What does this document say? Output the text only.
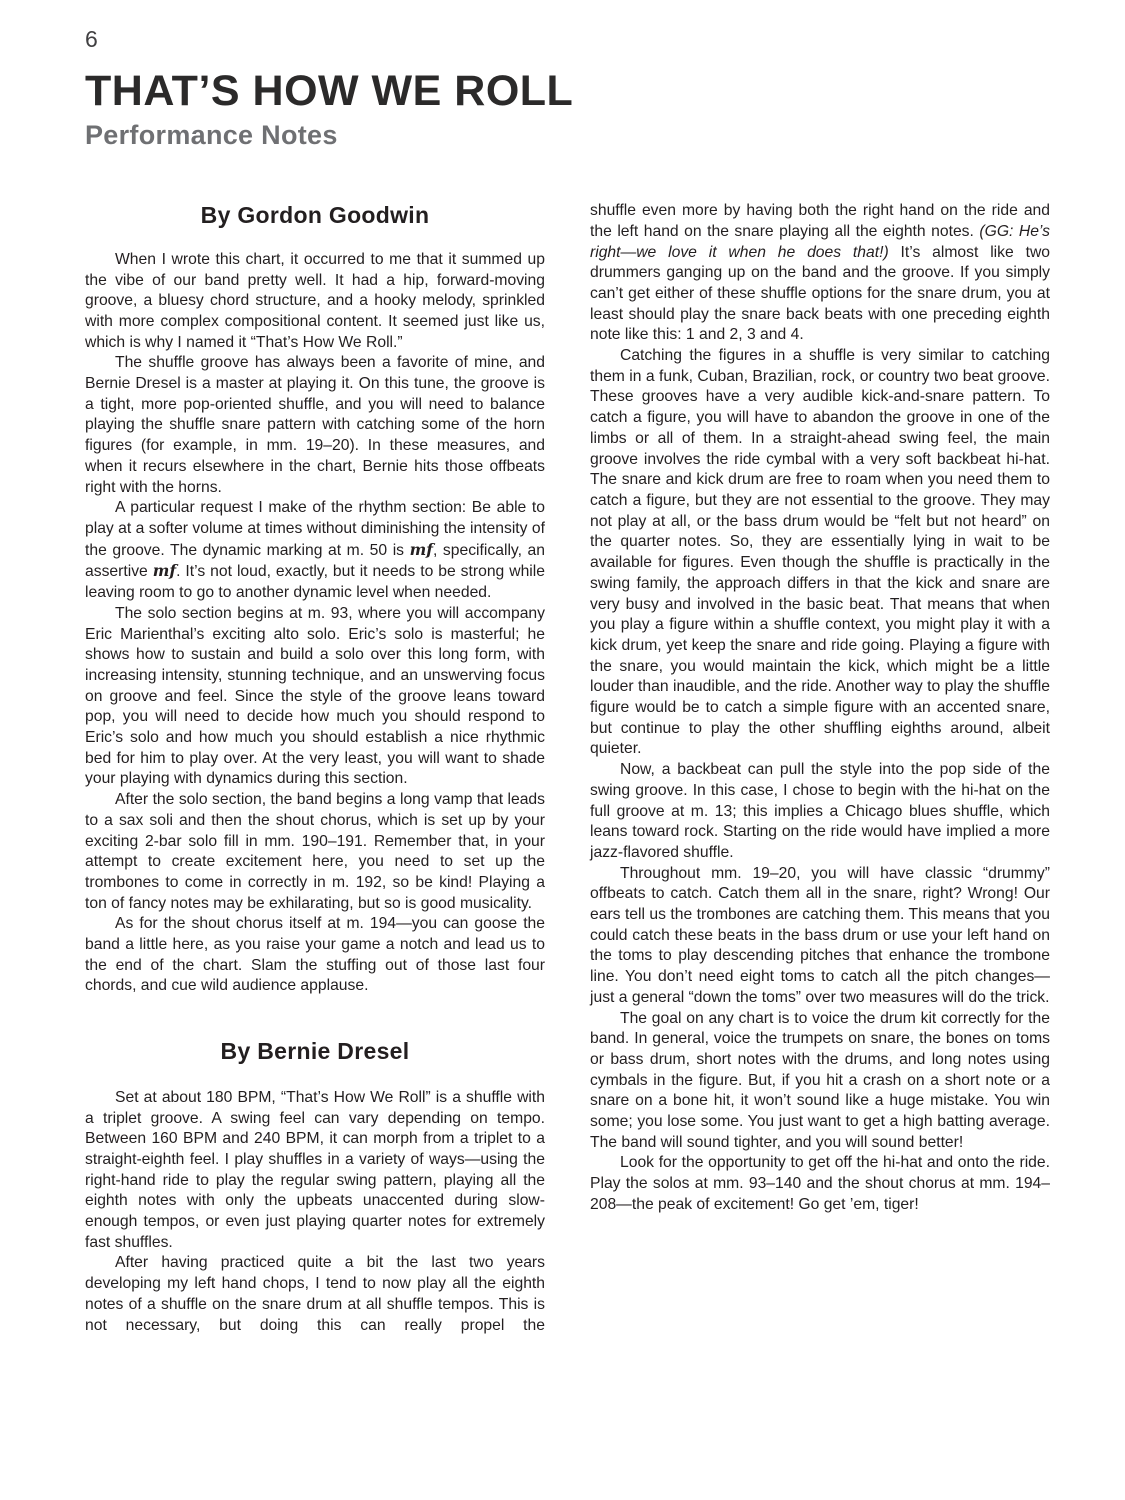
6
THAT’S HOW WE ROLL
Performance Notes
By Gordon Goodwin

When I wrote this chart, it occurred to me that it summed up the vibe of our band pretty well. It had a hip, forward-moving groove, a bluesy chord structure, and a hooky melody, sprinkled with more complex compositional content. It seemed just like us, which is why I named it “That’s How We Roll.”

The shuffle groove has always been a favorite of mine, and Bernie Dresel is a master at playing it. On this tune, the groove is a tight, more pop-oriented shuffle, and you will need to balance playing the shuffle snare pattern with catching some of the horn figures (for example, in mm. 19–20). In these measures, and when it recurs elsewhere in the chart, Bernie hits those offbeats right with the horns.

A particular request I make of the rhythm section: Be able to play at a softer volume at times without diminishing the intensity of the groove. The dynamic marking at m. 50 is mf, specifically, an assertive mf. It’s not loud, exactly, but it needs to be strong while leaving room to go to another dynamic level when needed.

The solo section begins at m. 93, where you will accompany Eric Marienthal’s exciting alto solo. Eric’s solo is masterful; he shows how to sustain and build a solo over this long form, with increasing intensity, stunning technique, and an unswerving focus on groove and feel. Since the style of the groove leans toward pop, you will need to decide how much you should respond to Eric’s solo and how much you should establish a nice rhythmic bed for him to play over. At the very least, you will want to shade your playing with dynamics during this section.

After the solo section, the band begins a long vamp that leads to a sax soli and then the shout chorus, which is set up by your exciting 2-bar solo fill in mm. 190–191. Remember that, in your attempt to create excitement here, you need to set up the trombones to come in correctly in m. 192, so be kind! Playing a ton of fancy notes may be exhilarating, but so is good musicality.

As for the shout chorus itself at m. 194—you can goose the band a little here, as you raise your game a notch and lead us to the end of the chart. Slam the stuffing out of those last four chords, and cue wild audience applause.

By Bernie Dresel

Set at about 180 BPM, “That’s How We Roll” is a shuffle with a triplet groove. A swing feel can vary depending on tempo. Between 160 BPM and 240 BPM, it can morph from a triplet to a straight-eighth feel. I play shuffles in a variety of ways—using the right-hand ride to play the regular swing pattern, playing all the eighth notes with only the upbeats unaccented during slow-enough tempos, or even just playing quarter notes for extremely fast shuffles.

After having practiced quite a bit the last two years developing my left hand chops, I tend to now play all the eighth notes of a shuffle on the snare drum at all shuffle tempos. This is not necessary, but doing this can really propel the

shuffle even more by having both the right hand on the ride and the left hand on the snare playing all the eighth notes. (GG: He’s right—we love it when he does that!) It’s almost like two drummers ganging up on the band and the groove. If you simply can’t get either of these shuffle options for the snare drum, you at least should play the snare back beats with one preceding eighth note like this: 1 and 2, 3 and 4.

Catching the figures in a shuffle is very similar to catching them in a funk, Cuban, Brazilian, rock, or country two beat groove. These grooves have a very audible kick-and-snare pattern. To catch a figure, you will have to abandon the groove in one of the limbs or all of them. In a straight-ahead swing feel, the main groove involves the ride cymbal with a very soft backbeat hi-hat. The snare and kick drum are free to roam when you need them to catch a figure, but they are not essential to the groove. They may not play at all, or the bass drum would be “felt but not heard” on the quarter notes. So, they are essentially lying in wait to be available for figures. Even though the shuffle is practically in the swing family, the approach differs in that the kick and snare are very busy and involved in the basic beat. That means that when you play a figure within a shuffle context, you might play it with a kick drum, yet keep the snare and ride going. Playing a figure with the snare, you would maintain the kick, which might be a little louder than inaudible, and the ride. Another way to play the shuffle figure would be to catch a simple figure with an accented snare, but continue to play the other shuffling eighths around, albeit quieter.

Now, a backbeat can pull the style into the pop side of the swing groove. In this case, I chose to begin with the hi-hat on the full groove at m. 13; this implies a Chicago blues shuffle, which leans toward rock. Starting on the ride would have implied a more jazz-flavored shuffle.

Throughout mm. 19–20, you will have classic “drummy” offbeats to catch. Catch them all in the snare, right? Wrong! Our ears tell us the trombones are catching them. This means that you could catch these beats in the bass drum or use your left hand on the toms to play descending pitches that enhance the trombone line. You don’t need eight toms to catch all the pitch changes—just a general “down the toms” over two measures will do the trick.

The goal on any chart is to voice the drum kit correctly for the band. In general, voice the trumpets on snare, the bones on toms or bass drum, short notes with the drums, and long notes using cymbals in the figure. But, if you hit a crash on a short note or a snare on a bone hit, it won’t sound like a huge mistake. You win some; you lose some. You just want to get a high batting average. The band will sound tighter, and you will sound better!

Look for the opportunity to get off the hi-hat and onto the ride. Play the solos at mm. 93–140 and the shout chorus at mm. 194–208—the peak of excitement! Go get ’em, tiger!
